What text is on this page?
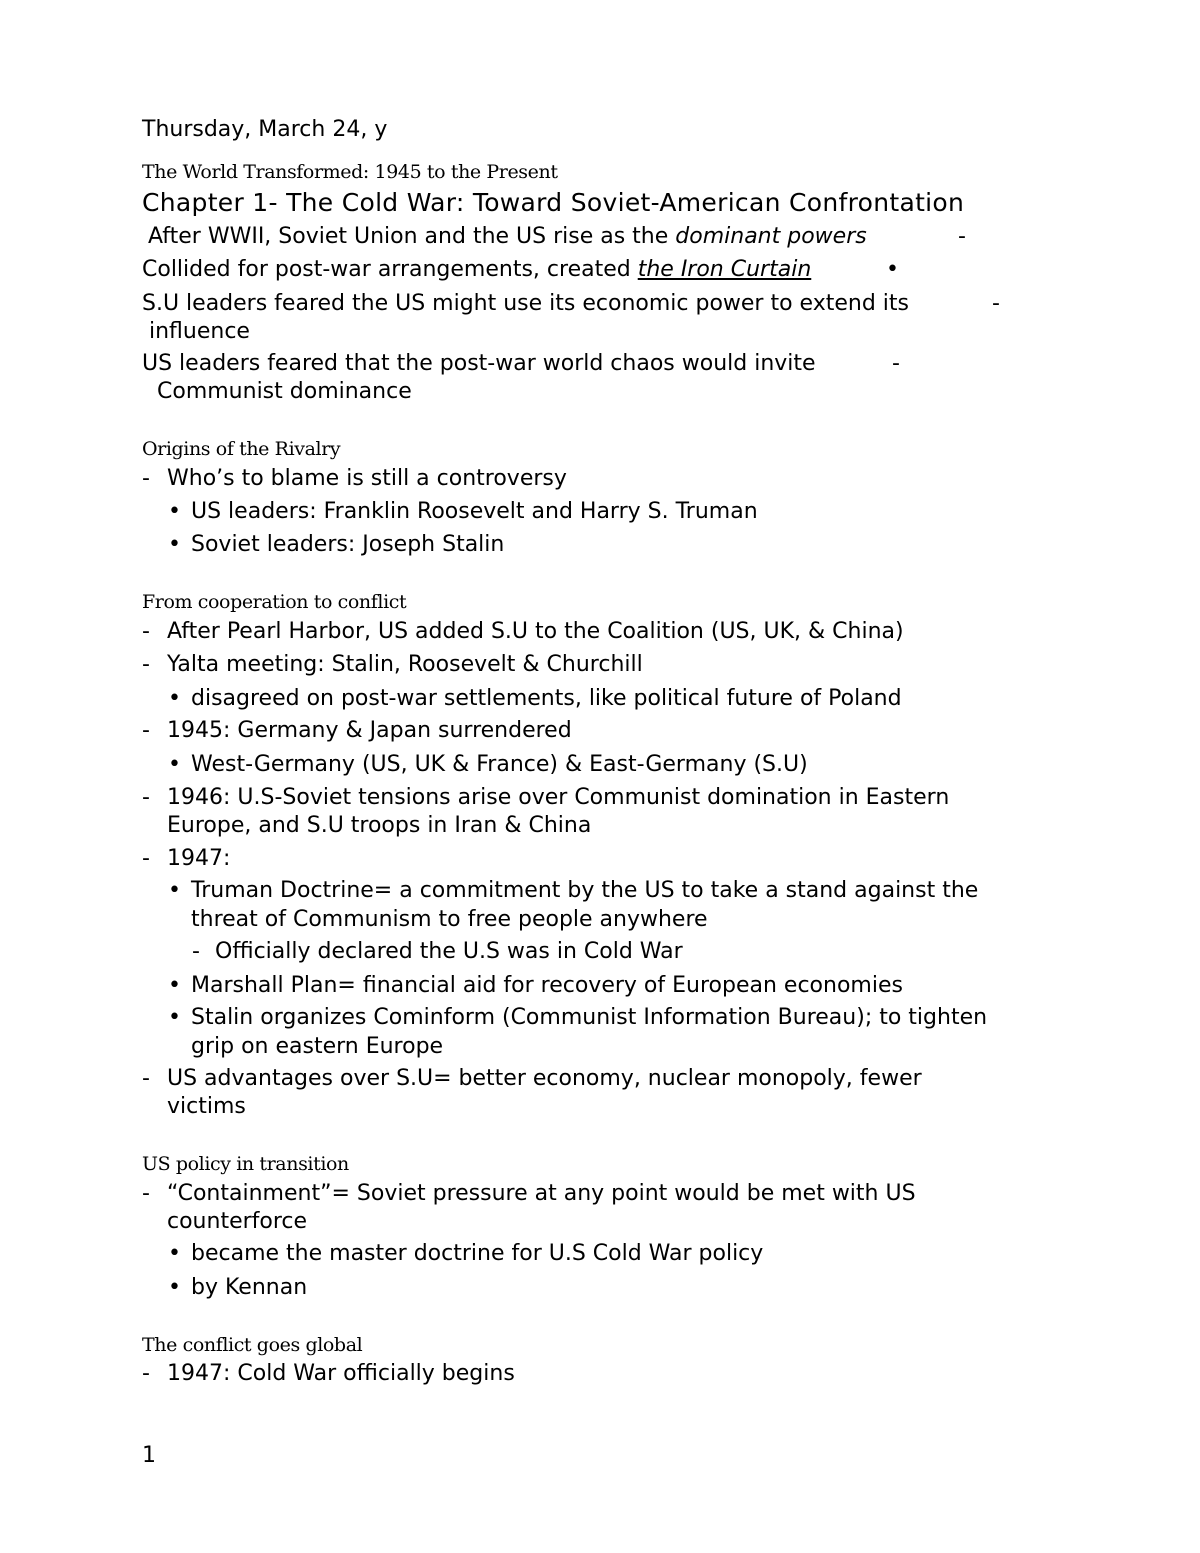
Thursday, March 24, y
The World Transformed: 1945 to the Present
Chapter 1- The Cold War: Toward Soviet-American Confrontation
After WWII, Soviet Union and the US rise as the dominant powers	-
Collided for post-war arrangements, created the Iron Curtain	•
S.U leaders feared the US might use its economic power to extend its	-
influence
US leaders feared that the post-war world chaos would invite	-
Communist dominance
Origins of the Rivalry
- Who’s to blame is still a controversy
• US leaders: Franklin Roosevelt and Harry S. Truman
• Soviet leaders: Joseph Stalin
From cooperation to conflict
- After Pearl Harbor, US added S.U to the Coalition (US, UK, & China)
- Yalta meeting: Stalin, Roosevelt & Churchill
• disagreed on post-war settlements, like political future of Poland
- 1945: Germany & Japan surrendered
• West-Germany (US, UK & France) & East-Germany (S.U)
- 1946: U.S-Soviet tensions arise over Communist domination in Eastern
Europe, and S.U troops in Iran & China
- 1947:
• Truman Doctrine= a commitment by the US to take a stand against the
threat of Communism to free people anywhere
- Officially declared the U.S was in Cold War
• Marshall Plan= financial aid for recovery of European economies
• Stalin organizes Cominform (Communist Information Bureau); to tighten
grip on eastern Europe
- US advantages over S.U= better economy, nuclear monopoly, fewer
victims
US policy in transition
- “Containment”= Soviet pressure at any point would be met with US
counterforce
• became the master doctrine for U.S Cold War policy
• by Kennan
The conflict goes global
- 1947: Cold War officially begins
1
